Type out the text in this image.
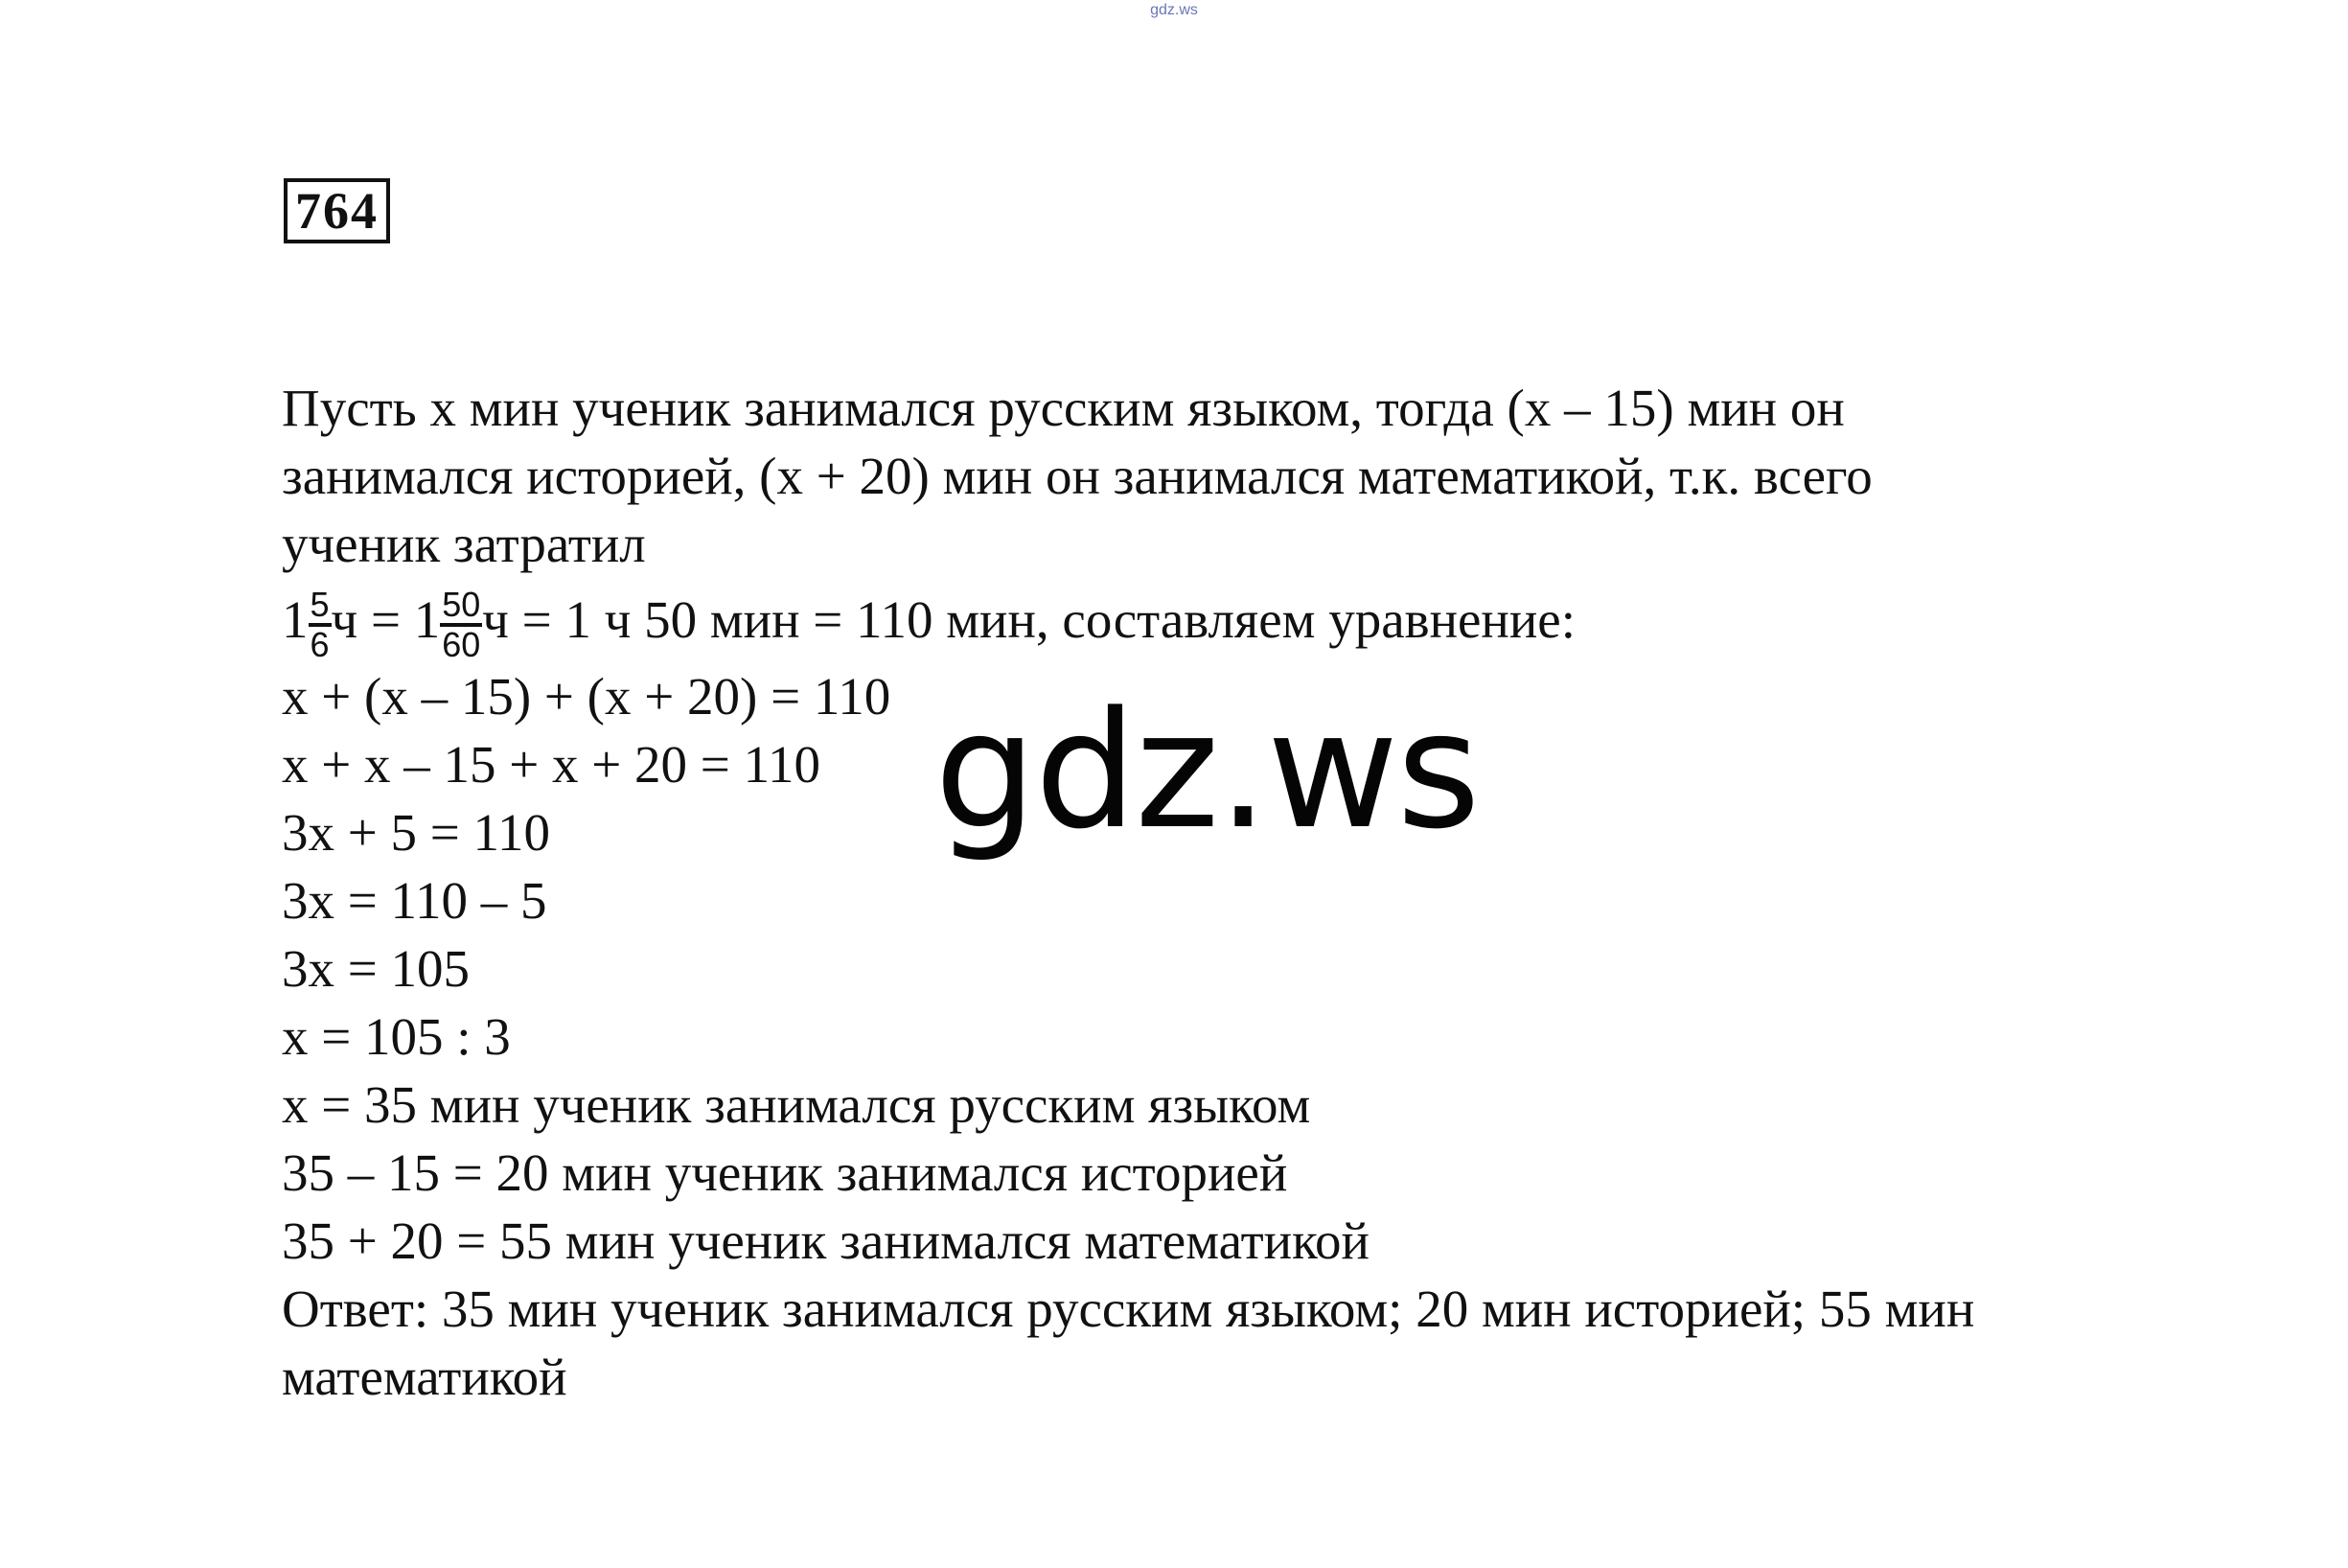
gdz.ws
764
Пусть х мин ученик занимался русским языком, тогда (х – 15) мин он
занимался историей, (х + 20) мин он занимался математикой, т.к. всего
ученик затратил
$1 \frac{5}{6}$ $ч = 1 \frac{50}{60}$ ч = 1 ч 50 мин = 110 мин, составляем уравнение:
х + (х – 15) + (х + 20) = 110
х + х – 15 + х + 20 = 110
3х + 5 = 110
3х = 110 – 5
3х = 105
х = 105 : 3
х = 35 мин ученик занимался русским языком
35 – 15 = 20 мин ученик занимался историей
35 + 20 = 55 мин ученик занимался математикой
Ответ: 35 мин ученик занимался русским языком; 20 мин историей; 55 мин
математикой
gdz.ws
